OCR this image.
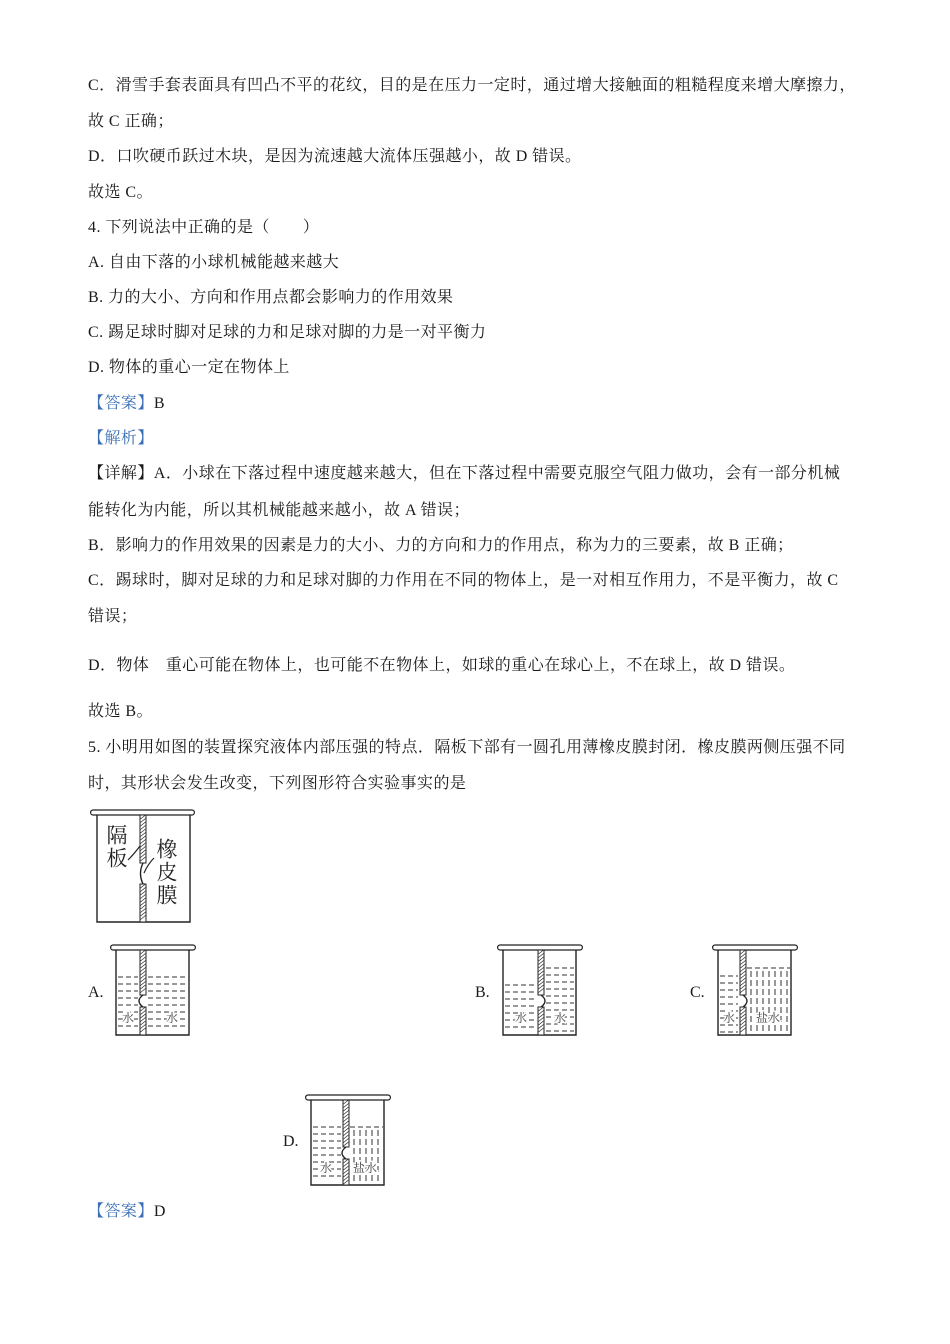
C．滑雪手套表面具有凹凸不平的花纹，目的是在压力一定时，通过增大接触面的粗糙程度来增大摩擦力，
故 C 正确；
D．口吹硬币跃过木块，是因为流速越大流体压强越小，故 D 错误。
故选 C。
4. 下列说法中正确的是（　　）
A. 自由下落的小球机械能越来越大
B. 力的大小、方向和作用点都会影响力的作用效果
C. 踢足球时脚对足球的力和足球对脚的力是一对平衡力
D. 物体的重心一定在物体上
【答案】B
【解析】
【详解】A．小球在下落过程中速度越来越大，但在下落过程中需要克服空气阻力做功，会有一部分机械
能转化为内能，所以其机械能越来越小，故 A 错误；
B．影响力的作用效果的因素是力的大小、力的方向和力的作用点，称为力的三要素，故 B 正确；
C．踢球时，脚对足球的力和足球对脚的力作用在不同的物体上，是一对相互作用力，不是平衡力，故 C
错误；
D．物体　重心可能在物体上，也可能不在物体上，如球的重心在球心上，不在球上，故 D 错误。
故选 B。
5. 小明用如图的装置探究液体内部压强的特点．隔板下部有一圆孔用薄橡皮膜封闭．橡皮膜两侧压强不同
时，其形状会发生改变，下列图形符合实验事实的是
隔板 橡皮膜
A.
水	水
B.
水 水
C.
水 盐水
D.
水 盐水
【答案】D
